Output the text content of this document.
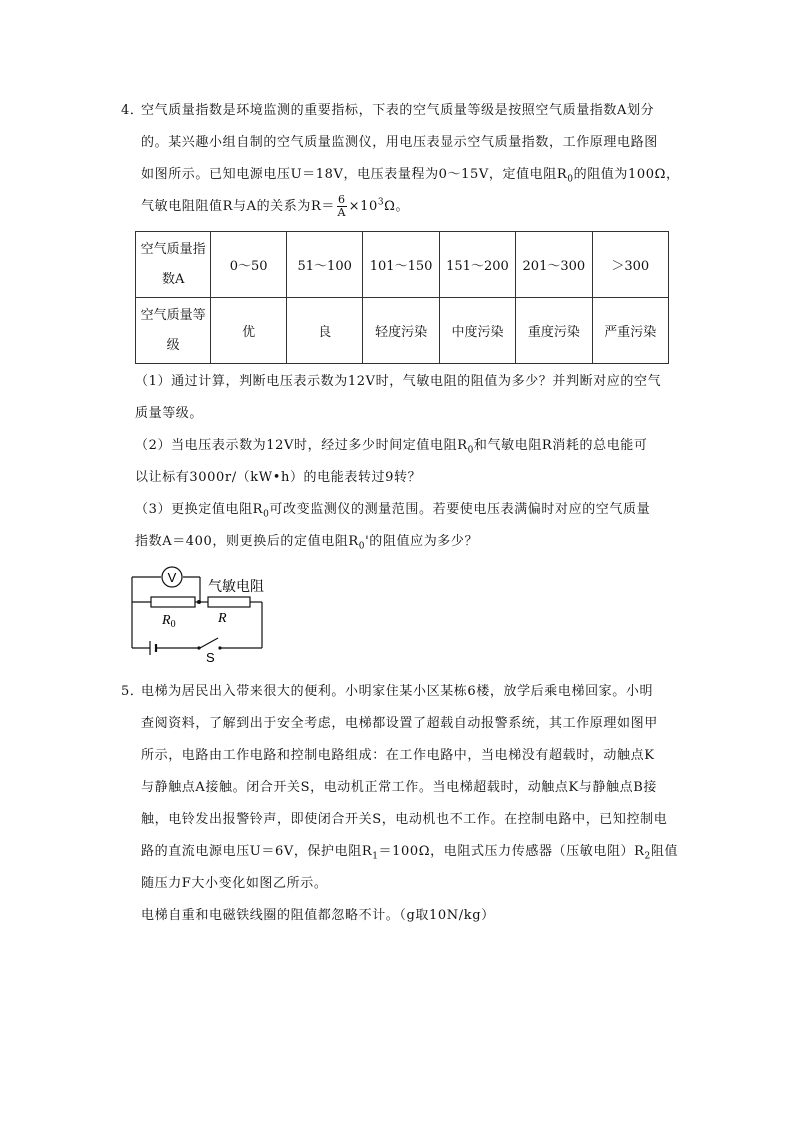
4．空气质量指数是环境监测的重要指标，下表的空气质量等级是按照空气质量指数A划分
的。某兴趣小组自制的空气质量监测仪，用电压表显示空气质量指数，工作原理电路图
如图所示。已知电源电压U＝18V，电压表量程为0～15V，定值电阻$R_0$的阻值为100Ω，
气敏电阻阻值R与A的关系为$R= \frac{6}{A} \times 10^3\Omega$。
空气质量指
数A	0～50	51～100	101～150	151～200	201～300	＞300

空气质量等
级	优	良	轻度污染	中度污染	重度污染	严重污染
（1）通过计算，判断电压表示数为12V时，气敏电阻的阻值为多少？并判断对应的空气
质量等级。
（2）当电压表示数为12V时，经过多少时间定值电阻$R_0$和气敏电阻R消耗的总电能可
以让标有3000r/（kW•h）的电能表转过9转？
（3）更换定值电阻$R_0$可改变监测仪的测量范围。若要使电压表满偏时对应的空气质量
指数A＝400，则更换后的定值电阻$R_0'$的阻值应为多少？
V
气敏电阻
$R_0$	R
S
5．电梯为居民出入带来很大的便利。小明家住某小区某栋6楼，放学后乘电梯回家。小明
查阅资料，了解到出于安全考虑，电梯都设置了超载自动报警系统，其工作原理如图甲
所示，电路由工作电路和控制电路组成：在工作电路中，当电梯没有超载时，动触点K
与静触点A接触。闭合开关S，电动机正常工作。当电梯超载时，动触点K与静触点B接
触，电铃发出报警铃声，即使闭合开关S，电动机也不工作。在控制电路中，已知控制电
路的直流电源电压U＝6V，保护电阻$R_1=100\Omega$，电阻式压力传感器（压敏电阻）$R_2$阻值
随压力F大小变化如图乙所示。
电梯自重和电磁铁线圈的阻值都忽略不计。（g取10N/kg）
